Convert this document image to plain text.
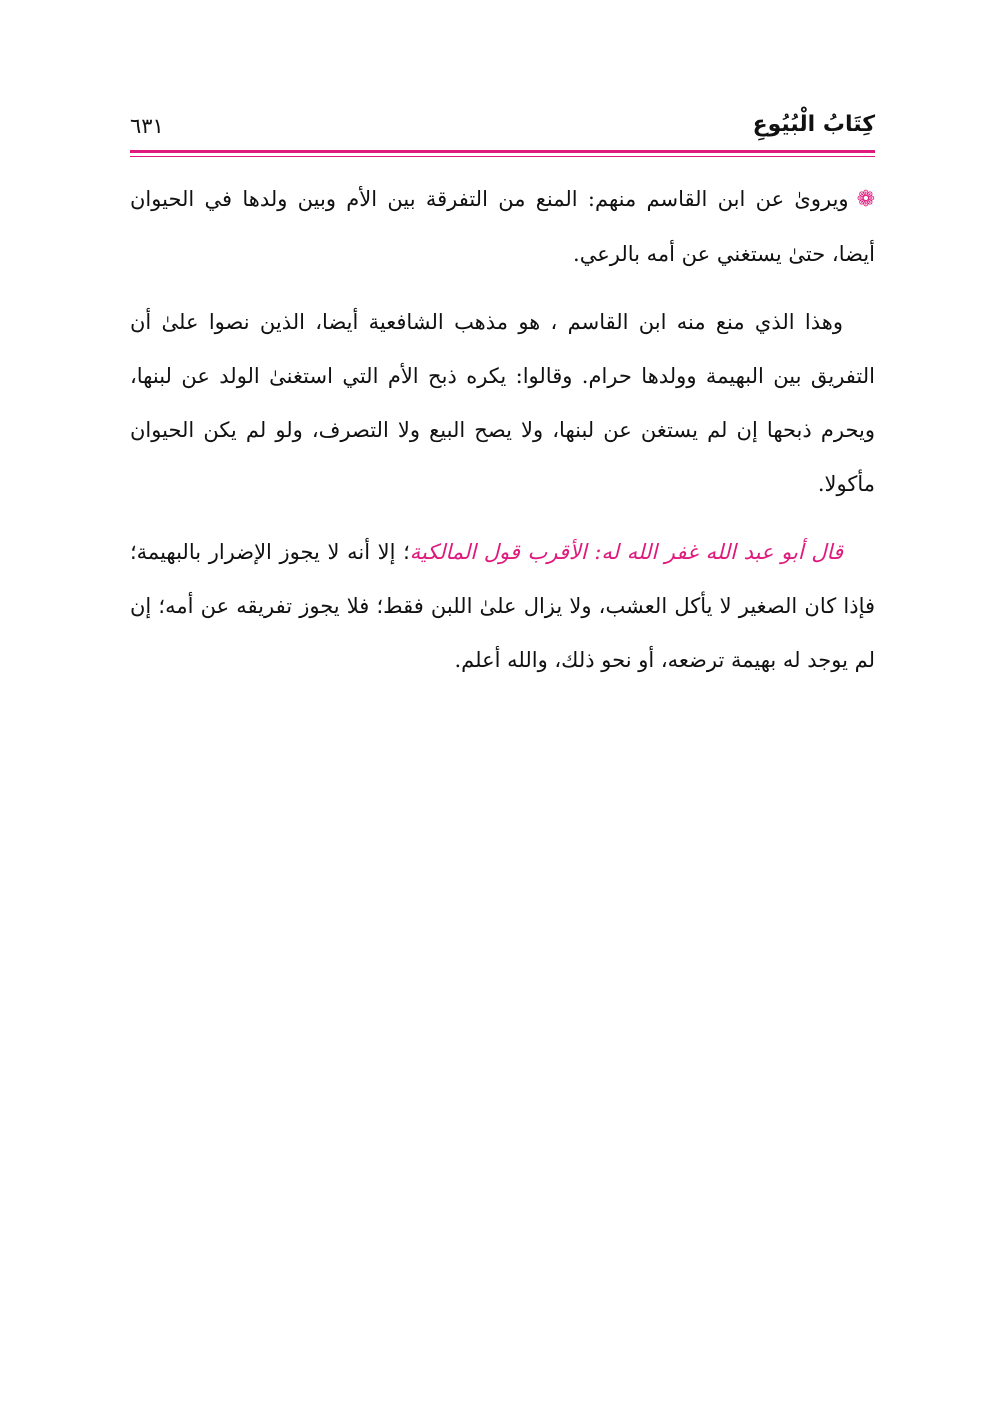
كِتَابُ الْبُيُوعِ
٦٣١

❁ويرویٰ عن ابن القاسم منهم: المنع من التفرقة بين الأم وبين ولدها في الحيوان أيضا، حتىٰ يستغني عن أمه بالرعي.

وهذا الذي منع منه ابن القاسم ، هو مذهب الشافعية أيضا، الذين نصوا علىٰ أن التفريق بين البهيمة وولدها حرام. وقالوا: يكره ذبح الأم التي استغنىٰ الولد عن لبنها، ويحرم ذبحها إن لم يستغن عن لبنها، ولا يصح البيع ولا التصرف، ولو لم يكن الحيوان مأكولا.

قال أبو عبد الله غفر الله له: الأقرب قول المالكية؛ إلا أنه لا يجوز الإضرار بالبهيمة؛ فإذا كان الصغير لا يأكل العشب، ولا يزال علىٰ اللبن فقط؛ فلا يجوز تفريقه عن أمه؛ إن لم يوجد له بهيمة ترضعه، أو نحو ذلك، والله أعلم.
